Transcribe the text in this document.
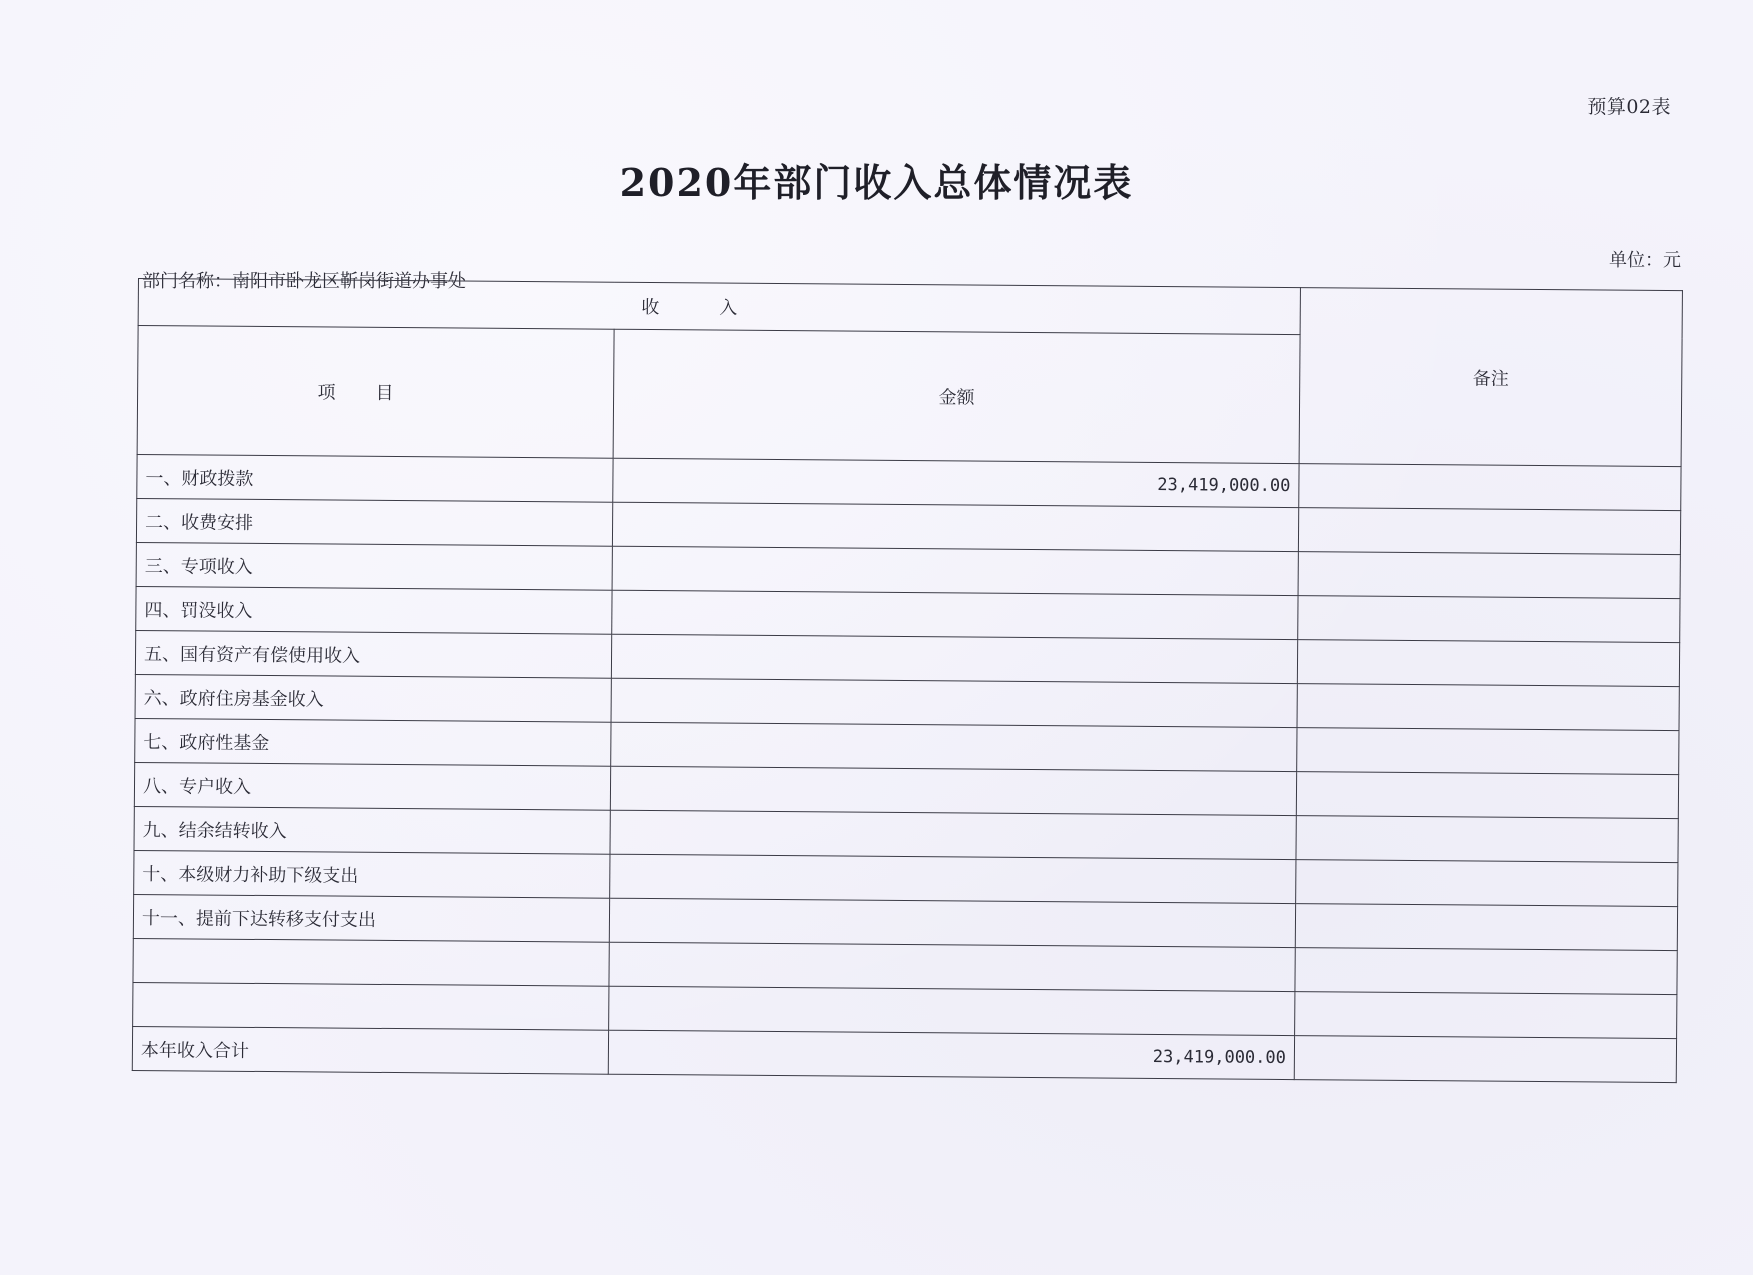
预算02表
2020年部门收入总体情况表
单位：元
部门名称：南阳市卧龙区靳岗街道办事处
收入		备注
项目	金额	
一、财政拨款	23,419,000.00	
二、收费安排		
三、专项收入		
四、罚没收入		
五、国有资产有偿使用收入		
六、政府住房基金收入		
七、政府性基金		
八、专户收入		
九、结余结转收入		
十、本级财力补助下级支出		
十一、提前下达转移支付支出		

本年收入合计	23,419,000.00	
